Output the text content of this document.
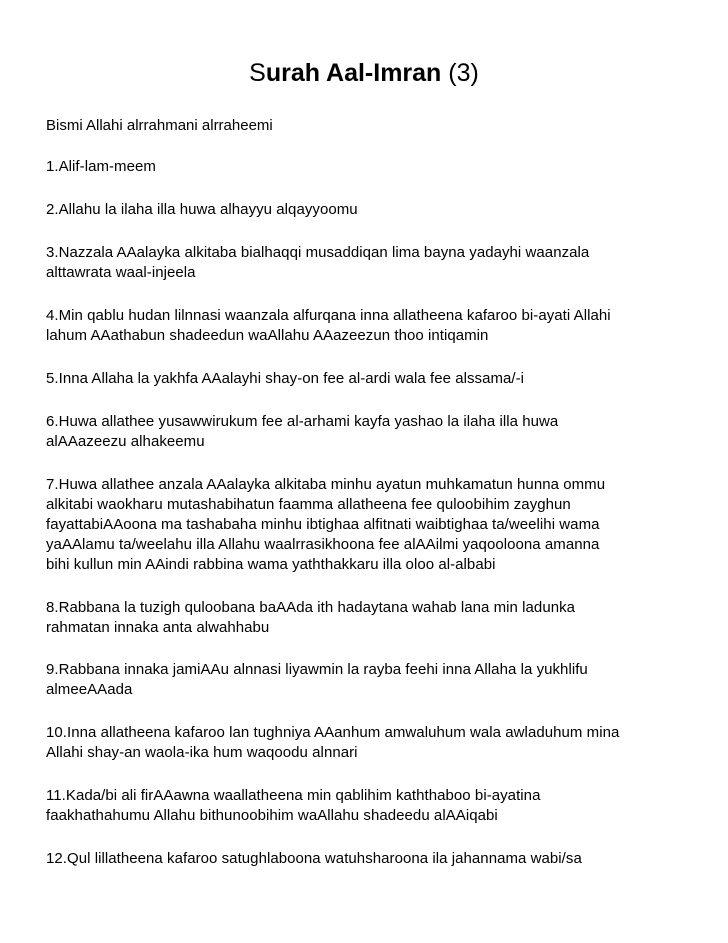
Surah Aal-Imran (3)
Bismi Allahi alrrahmani alrraheemi

1.Alif-lam-meem

2.Allahu la ilaha illa huwa alhayyu alqayyoomu

3.Nazzala AAalayka alkitaba bialhaqqi musaddiqan lima bayna yadayhi waanzala
alttawrata waal-injeela

4.Min qablu hudan lilnnasi waanzala alfurqana inna allatheena kafaroo bi-ayati Allahi
lahum AAathabun shadeedun waAllahu AAazeezun thoo intiqamin

5.Inna Allaha la yakhfa AAalayhi shay-on fee al-ardi wala fee alssama/-i

6.Huwa allathee yusawwirukum fee al-arhami kayfa yashao la ilaha illa huwa
alAAazeezu alhakeemu

7.Huwa allathee anzala AAalayka alkitaba minhu ayatun muhkamatun hunna ommu
alkitabi waokharu mutashabihatun faamma allatheena fee quloobihim zayghun
fayattabiAAoona ma tashabaha minhu ibtighaa alfitnati waibtighaa ta/weelihi wama
yaAAlamu ta/weelahu illa Allahu waalrrasikhoona fee alAAilmi yaqooloona amanna
bihi kullun min AAindi rabbina wama yaththakkaru illa oloo al-albabi

8.Rabbana la tuzigh quloobana baAAda ith hadaytana wahab lana min ladunka
rahmatan innaka anta alwahhabu

9.Rabbana innaka jamiAAu alnnasi liyawmin la rayba feehi inna Allaha la yukhlifu
almeeAAada

10.Inna allatheena kafaroo lan tughniya AAanhum amwaluhum wala awladuhum mina
Allahi shay-an waola-ika hum waqoodu alnnari

11.Kada/bi ali firAAawna waallatheena min qablihim kaththaboo bi-ayatina
faakhathahumu Allahu bithunoobihim waAllahu shadeedu alAAiqabi

12.Qul lillatheena kafaroo satughlaboona watuhsharoona ila jahannama wabi/sa
